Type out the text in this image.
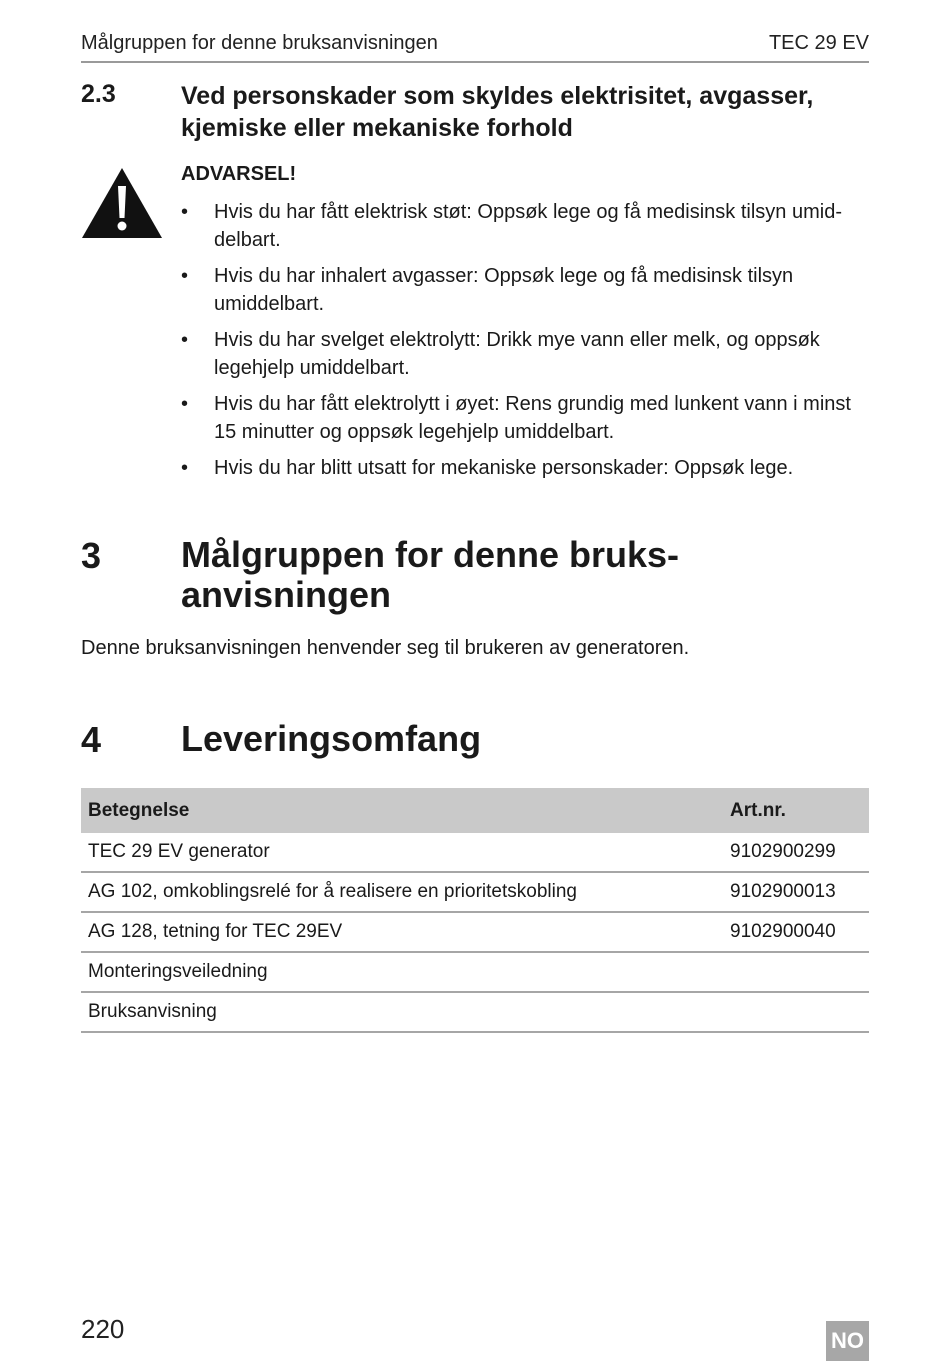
Målgruppen for denne bruksanvisningen	TEC 29 EV
2.3	Ved personskader som skyldes elektrisitet, avgasser, kjemiske eller mekaniske forhold
ADVARSEL!
• Hvis du har fått elektrisk støt: Oppsøk lege og få medisinsk tilsyn umid-delbart.
• Hvis du har inhalert avgasser: Oppsøk lege og få medisinsk tilsyn umiddelbart.
• Hvis du har svelget elektrolytt: Drikk mye vann eller melk, og oppsøk legehjelp umiddelbart.
• Hvis du har fått elektrolytt i øyet: Rens grundig med lunkent vann i minst 15 minutter og oppsøk legehjelp umiddelbart.
• Hvis du har blitt utsatt for mekaniske personskader: Oppsøk lege.
3 Målgruppen for denne bruks-anvisningen
Denne bruksanvisningen henvender seg til brukeren av generatoren.
4 Leveringsomfang
Betegnelse	Art.nr.
TEC 29 EV generator	9102900299
AG 102, omkoblingsrelé for å realisere en prioritetskobling	9102900013
AG 128, tetning for TEC 29EV	9102900040
Monteringsveiledning	
Bruksanvisning	
220	NO
